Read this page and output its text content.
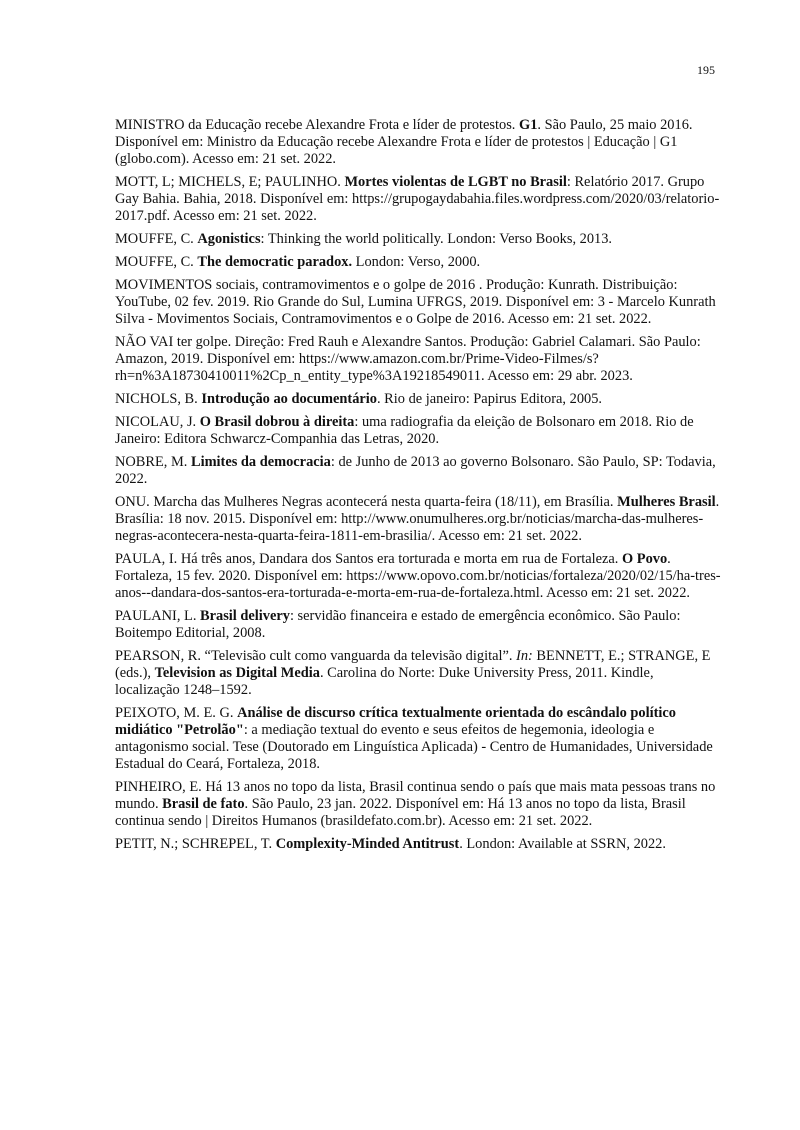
195

MINISTRO da Educação recebe Alexandre Frota e líder de protestos. G1. São Paulo, 25 maio 2016. Disponível em: Ministro da Educação recebe Alexandre Frota e líder de protestos | Educação | G1 (globo.com). Acesso em: 21 set. 2022.

MOTT, L; MICHELS, E; PAULINHO. Mortes violentas de LGBT no Brasil: Relatório 2017. Grupo Gay Bahia. Bahia, 2018. Disponível em: https://grupogaydabahia.files.wordpress.com/2020/03/relatorio-2017.pdf. Acesso em: 21 set. 2022.

MOUFFE, C. Agonistics: Thinking the world politically. London: Verso Books, 2013.

MOUFFE, C. The democratic paradox. London: Verso, 2000.

MOVIMENTOS sociais, contramovimentos e o golpe de 2016 . Produção: Kunrath. Distribuição: YouTube, 02 fev. 2019. Rio Grande do Sul, Lumina UFRGS, 2019. Disponível em: 3 - Marcelo Kunrath Silva - Movimentos Sociais, Contramovimentos e o Golpe de 2016. Acesso em: 21 set. 2022.

NÃO VAI ter golpe. Direção: Fred Rauh e Alexandre Santos. Produção: Gabriel Calamari. São Paulo: Amazon, 2019. Disponível em: https://www.amazon.com.br/Prime-Video-Filmes/s?rh=n%3A18730410011%2Cp_n_entity_type%3A19218549011. Acesso em: 29 abr. 2023.

NICHOLS, B. Introdução ao documentário. Rio de janeiro: Papirus Editora, 2005.

NICOLAU, J. O Brasil dobrou à direita: uma radiografia da eleição de Bolsonaro em 2018. Rio de Janeiro: Editora Schwarcz-Companhia das Letras, 2020.

NOBRE, M. Limites da democracia: de Junho de 2013 ao governo Bolsonaro. São Paulo, SP: Todavia, 2022.

ONU. Marcha das Mulheres Negras acontecerá nesta quarta-feira (18/11), em Brasília. Mulheres Brasil. Brasília: 18 nov. 2015. Disponível em: http://www.onumulheres.org.br/noticias/marcha-das-mulheres-negras-acontecera-nesta-quarta-feira-1811-em-brasilia/. Acesso em: 21 set. 2022.

PAULA, I. Há três anos, Dandara dos Santos era torturada e morta em rua de Fortaleza. O Povo. Fortaleza, 15 fev. 2020. Disponível em: https://www.opovo.com.br/noticias/fortaleza/2020/02/15/ha-tres-anos--dandara-dos-santos-era-torturada-e-morta-em-rua-de-fortaleza.html. Acesso em: 21 set. 2022.

PAULANI, L. Brasil delivery: servidão financeira e estado de emergência econômico. São Paulo: Boitempo Editorial, 2008.

PEARSON, R. “Televisão cult como vanguarda da televisão digital”. In: BENNETT, E.; STRANGE, E (eds.), Television as Digital Media. Carolina do Norte: Duke University Press, 2011. Kindle, localização 1248–1592.

PEIXOTO, M. E. G. Análise de discurso crítica textualmente orientada do escândalo político midiático "Petrolão": a mediação textual do evento e seus efeitos de hegemonia, ideologia e antagonismo social. Tese (Doutorado em Linguística Aplicada) - Centro de Humanidades, Universidade Estadual do Ceará, Fortaleza, 2018.

PINHEIRO, E. Há 13 anos no topo da lista, Brasil continua sendo o país que mais mata pessoas trans no mundo. Brasil de fato. São Paulo, 23 jan. 2022. Disponível em: Há 13 anos no topo da lista, Brasil continua sendo | Direitos Humanos (brasildefato.com.br). Acesso em: 21 set. 2022.

PETIT, N.; SCHREPEL, T. Complexity-Minded Antitrust. London: Available at SSRN, 2022.
